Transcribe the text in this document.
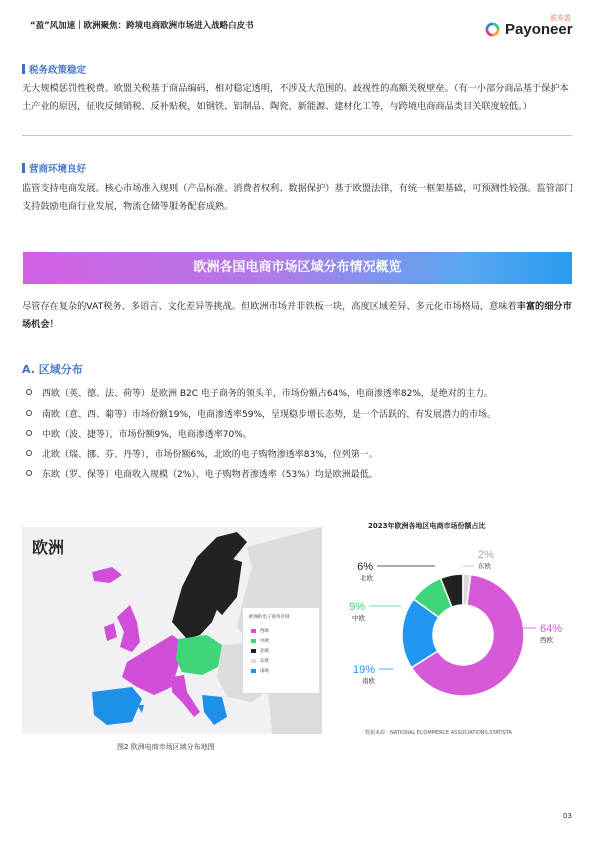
“盈”风加速｜欧洲聚焦：跨境电商欧洲市场进入战略白皮书
派安盈
Payoneer
税务政策稳定
无大规模惩罚性税费。欧盟关税基于商品编码，相对稳定透明，不涉及大范围的、歧视性的高额关税壁垒。（有一小部分商品基于保护本土产业的原因，征收反倾销税、反补贴税，如钢铁、铝制品、陶瓷、新能源、建材化工等，与跨境电商商品类目关联度较低。）
营商环境良好
监管支持电商发展。核心市场准入规则（产品标准、消费者权利、数据保护）基于欧盟法律，有统一框架基础，可预测性较强。监管部门支持鼓励电商行业发展，物流仓储等服务配套成熟。
欧洲各国电商市场区域分布情况概览
尽管存在复杂的VAT税务、多语言、文化差异等挑战。但欧洲市场并非铁板一块，高度区域差异、多元化市场格局，意味着丰富的细分市场机会！
A. 区域分布
西欧（英、德、法、荷等）是欧洲 B2C 电子商务的领头羊，市场份额占64%，电商渗透率82%，是绝对的主力。
南欧（意、西、葡等）市场份额19%，电商渗透率59%，呈现稳步增长态势，是一个活跃的、有发展潜力的市场。
中欧（波、捷等），市场份额9%，电商渗透率70%。
北欧（瑞、挪、芬、丹等），市场份额6%，北欧的电子购物渗透率83%，位列第一。
东欧（罗、保等）电商收入规模（2%）、电子购物者渗透率（53%）均是欧洲最低。
欧洲
欧洲的电子商务区域
西欧
中欧
北欧
东欧
南欧
图2 欧洲电商市场区域分布地图
2023年欧洲各地区电商市场份额占比
64%
西欧
19%
南欧
9%
中欧
6%
北欧
2%
东欧
数据来源：NATIONAL ECOMMERCE ASSOCIATIONS,STATISTA
03
